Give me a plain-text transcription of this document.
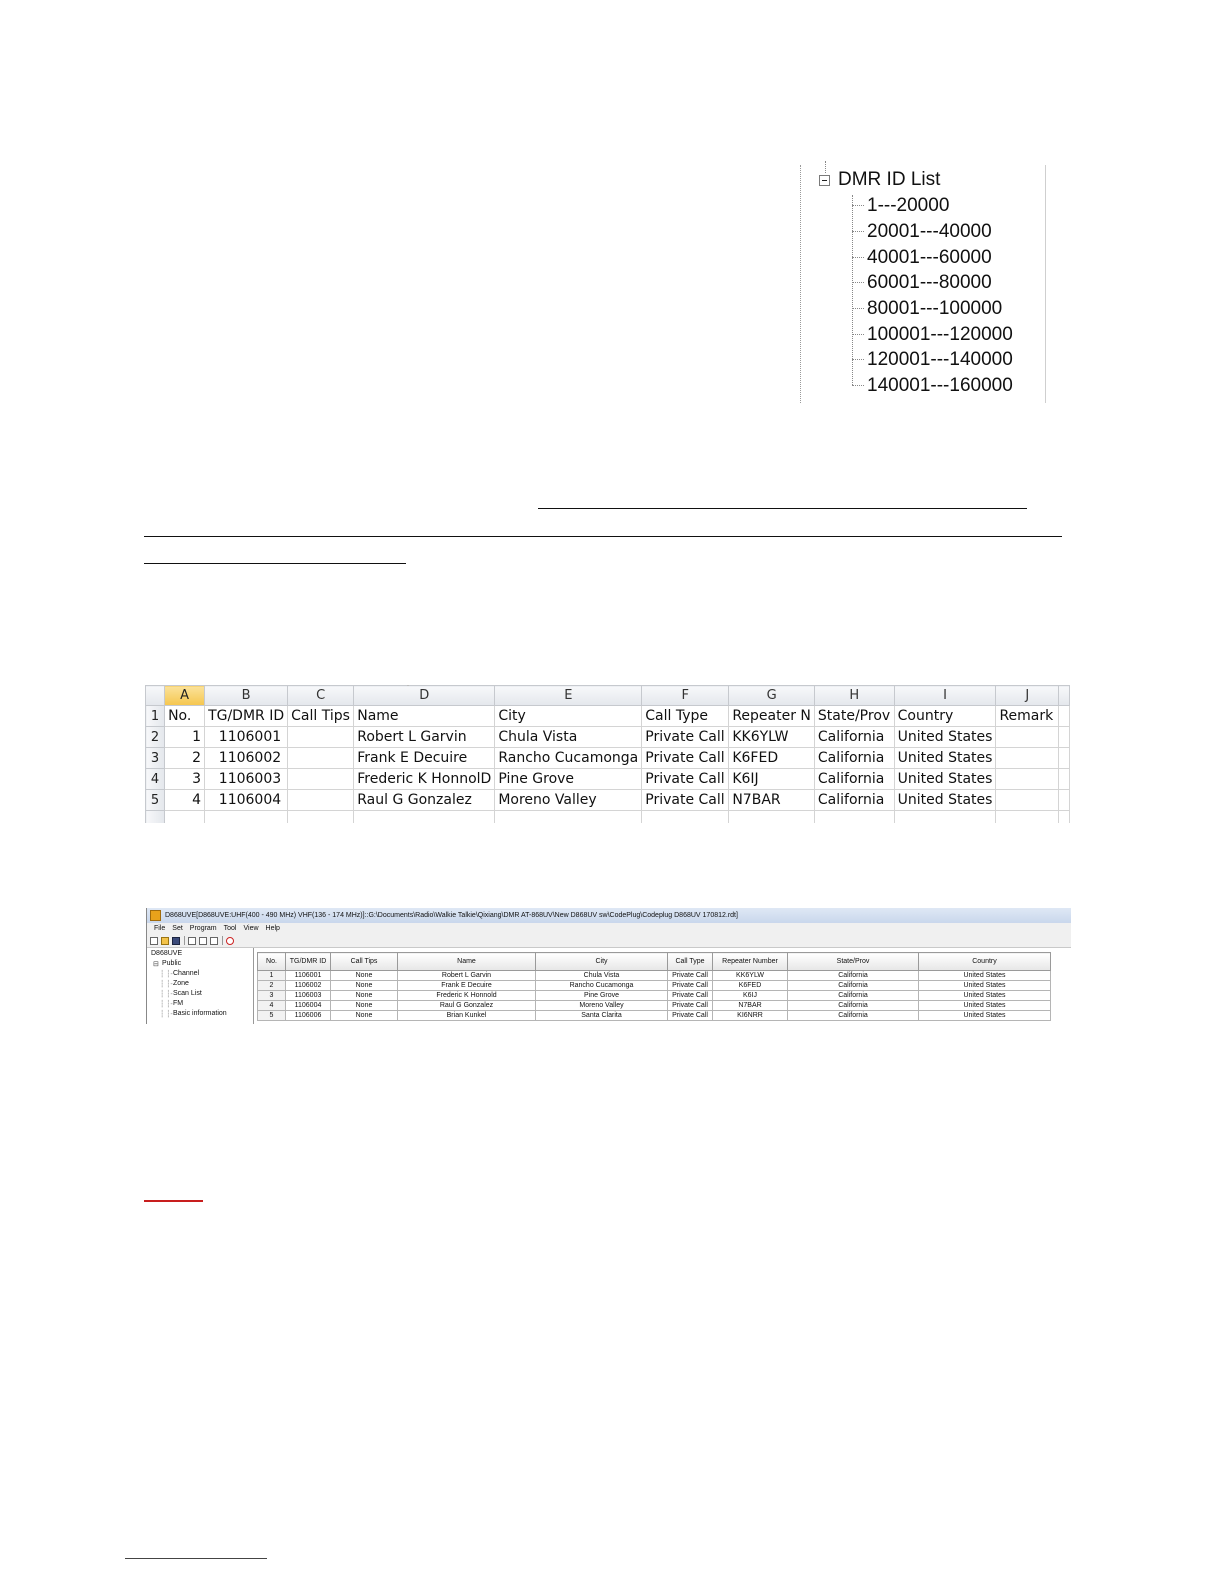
DMR ID List
1---20000
20001---40000
40001---60000
60001---80000
80001---100000
100001---120000
120001---140000
140001---160000
	A	B	C	D	E	F	G	H	I	J	
1	No.	TG/DMR ID	Call Tips	Name	City	Call Type	Repeater N	State/Prov	Country	Remark	
2	1	1106001		Robert L Garvin	Chula Vista	Private Call	KK6YLW	California	United States		
3	2	1106002		Frank E Decuire	Rancho Cucamonga	Private Call	K6FED	California	United States		
4	3	1106003		Frederic K HonnolD	Pine Grove	Private Call	K6IJ	California	United States		
5	4	1106004		Raul G Gonzalez	Moreno Valley	Private Call	N7BAR	California	United States		

D868UVE[D868UVE:UHF(400 - 490 MHz) VHF(136 - 174 MHz)]::G:\Documents\Radio\Walkie Talkie\Qixiang\DMR AT-868UV\New D868UV sw\CodePlug\Codeplug D868UV 170812.rdt]
File Set Program Tool View Help
D868UVE
⊟ Public
┆ ┆- Channel
┆ ┆- Zone
┆ ┆- Scan List
┆ ┆- FM
┆ ┆- Basic information
No.	TG/DMR ID	Call Tips	Name	City	Call Type	Repeater Number	State/Prov	Country
1	1106001	None	Robert L Garvin	Chula Vista	Private Call	KK6YLW	California	United States
2	1106002	None	Frank E Decuire	Rancho Cucamonga	Private Call	K6FED	California	United States
3	1106003	None	Frederic K Honnold	Pine Grove	Private Call	K6IJ	California	United States
4	1106004	None	Raul G Gonzalez	Moreno Valley	Private Call	N7BAR	California	United States
5	1106006	None	Brian Kunkel	Santa Clarita	Private Call	KI6NRR	California	United States
